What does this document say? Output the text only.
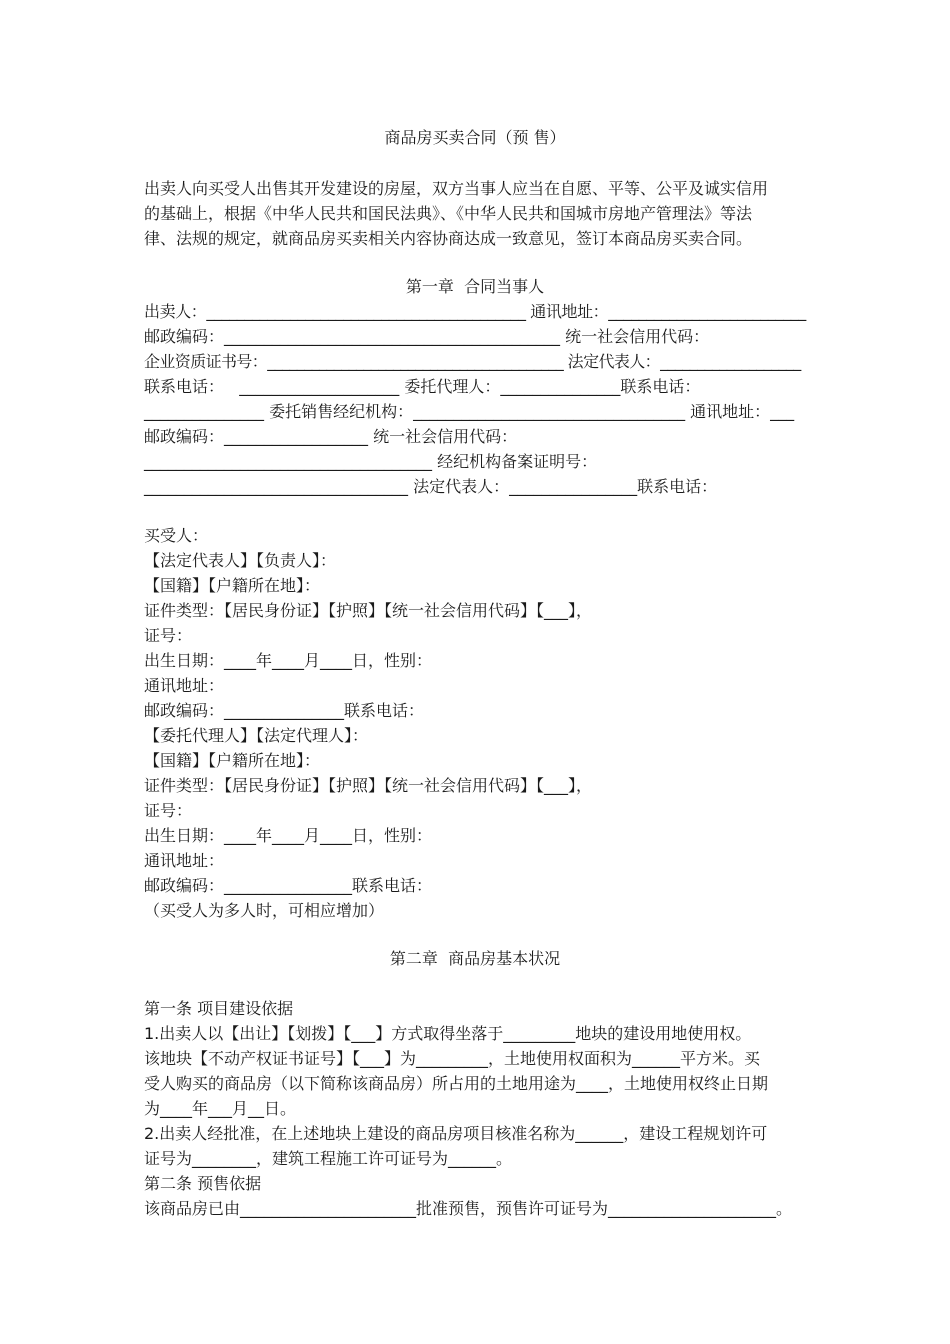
商品房买卖合同（预 售）
出卖人向买受人出售其开发建设的房屋，双方当事人应当在自愿、平等、公平及诚实信用
的基础上，根据《中华人民共和国民法典》、《中华人民共和国城市房地产管理法》等法
律、法规的规定，就商品房买卖相关内容协商达成一致意见，签订本商品房买卖合同。
第一章  合同当事人
出卖人：__________________________________________ 通讯地址：__________________________
邮政编码：__________________________________________ 统一社会信用代码：
企业资质证书号：________________________________________ 法定代表人：___________________
联系电话：   ____________________ 委托代理人：_______________联系电话：
_______________ 委托销售经纪机构：__________________________________ 通讯地址：___
邮政编码：__________________ 统一社会信用代码：
____________________________________ 经纪机构备案证明号：
_________________________________ 法定代表人：________________联系电话：
买受人：
【法定代表人】【负责人】：
【国籍】【户籍所在地】：
证件类型：【居民身份证】【护照】【统一社会信用代码】【___】，
证号：
出生日期：____年____月____日，性别：
通讯地址：
邮政编码：_______________联系电话：
【委托代理人】【法定代理人】：
【国籍】【户籍所在地】：
证件类型：【居民身份证】【护照】【统一社会信用代码】【___】，
证号：
出生日期：____年____月____日，性别：
通讯地址：
邮政编码：________________联系电话：
（买受人为多人时，可相应增加）
第二章  商品房基本状况
第一条 项目建设依据
1.出卖人以【出让】【划拨】【___】方式取得坐落于_________地块的建设用地使用权。
该地块【不动产权证书证号】【___】为_________，土地使用权面积为______平方米。买
受人购买的商品房（以下简称该商品房）所占用的土地用途为____，土地使用权终止日期
为____年___月__日。
2.出卖人经批准，在上述地块上建设的商品房项目核准名称为______，建设工程规划许可
证号为________，建筑工程施工许可证号为______。
第二条 预售依据
该商品房已由______________________批准预售，预售许可证号为_____________________。
